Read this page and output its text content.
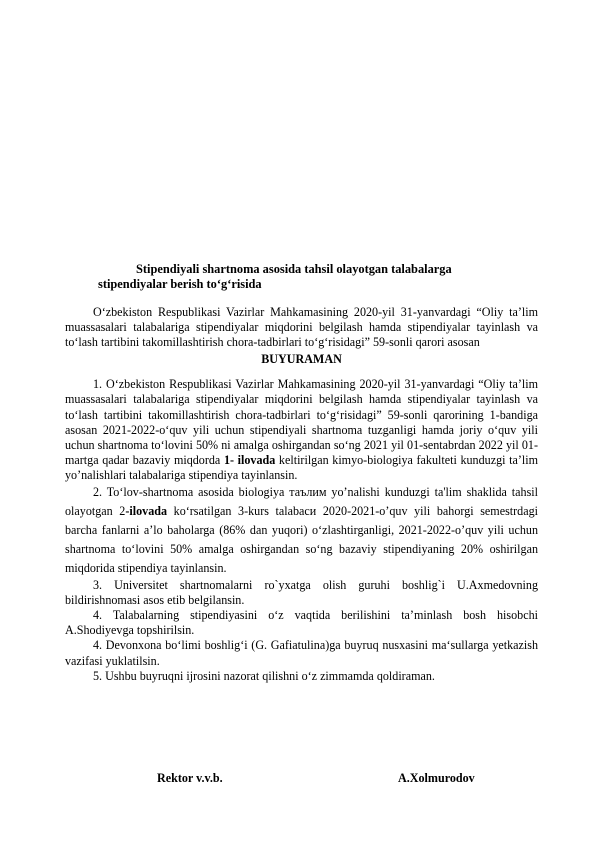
Stipendiyali shartnoma asosida tahsil olayotgan talabalarga
stipendiyalar berish to‘g‘risida

O‘zbekiston Respublikasi Vazirlar Mahkamasining 2020-yil 31-yanvardagi “Oliy ta’lim muassasalari talabalariga stipendiyalar miqdorini belgilash hamda stipendiyalar tayinlash va to‘lash tartibini takomillashtirish chora-tadbirlari to‘g‘risidagi” 59-sonli qarori asosan

BUYURAMAN

1. O‘zbekiston Respublikasi Vazirlar Mahkamasining 2020-yil 31-yanvardagi “Oliy ta’lim muassasalari talabalariga stipendiyalar miqdorini belgilash hamda stipendiyalar tayinlash va to‘lash tartibini takomillashtirish chora-tadbirlari to‘g‘risidagi” 59-sonli qarorining 1-bandiga asosan 2021-2022-o‘quv yili uchun stipendiyali shartnoma tuzganligi hamda joriy o‘quv yili uchun shartnoma to‘lovini 50% ni amalga oshirgandan so‘ng 2021 yil 01-sentabrdan 2022 yil 01-martga qadar bazaviy miqdorda 1- ilovada keltirilgan kimyo-biologiya fakulteti kunduzgi ta’lim yo’nalishlari talabalariga stipendiya tayinlansin.

2. To‘lov-shartnoma asosida biologiya таълим yo’nalishi kunduzgi ta'lim shaklida tahsil olayotgan 2-ilovada ko‘rsatilgan 3-kurs talabаси 2020-2021-o’quv yili bahorgi semestrdagi barcha fanlarni a’lo baholarga (86% dan yuqori) o‘zlashtirganligi, 2021-2022-o’quv yili uchun shartnoma to‘lovini 50% amalga oshirgandan so‘ng bazaviy stipendiyaning 20% oshirilgan miqdorida stipendiya tayinlansin.

3. Universitet shartnomalarni ro`yxatga olish guruhi boshlig`i U.Axmedovning bildirishnomasi asos etib belgilansin.

4. Talabalarning stipendiyasini o‘z vaqtida berilishini ta’minlash bosh hisobchi A.Shodiyevga topshirilsin.

4. Devonxona bo‘limi boshlig‘i (G. Gafiatulina)ga buyruq nusxasini ma‘sullarga yetkazish vazifasi yuklatilsin.

5. Ushbu buyruqni ijrosini nazorat qilishni o‘z zimmamda qoldiraman.

Rektor v.v.b.	A.Xolmurodov
